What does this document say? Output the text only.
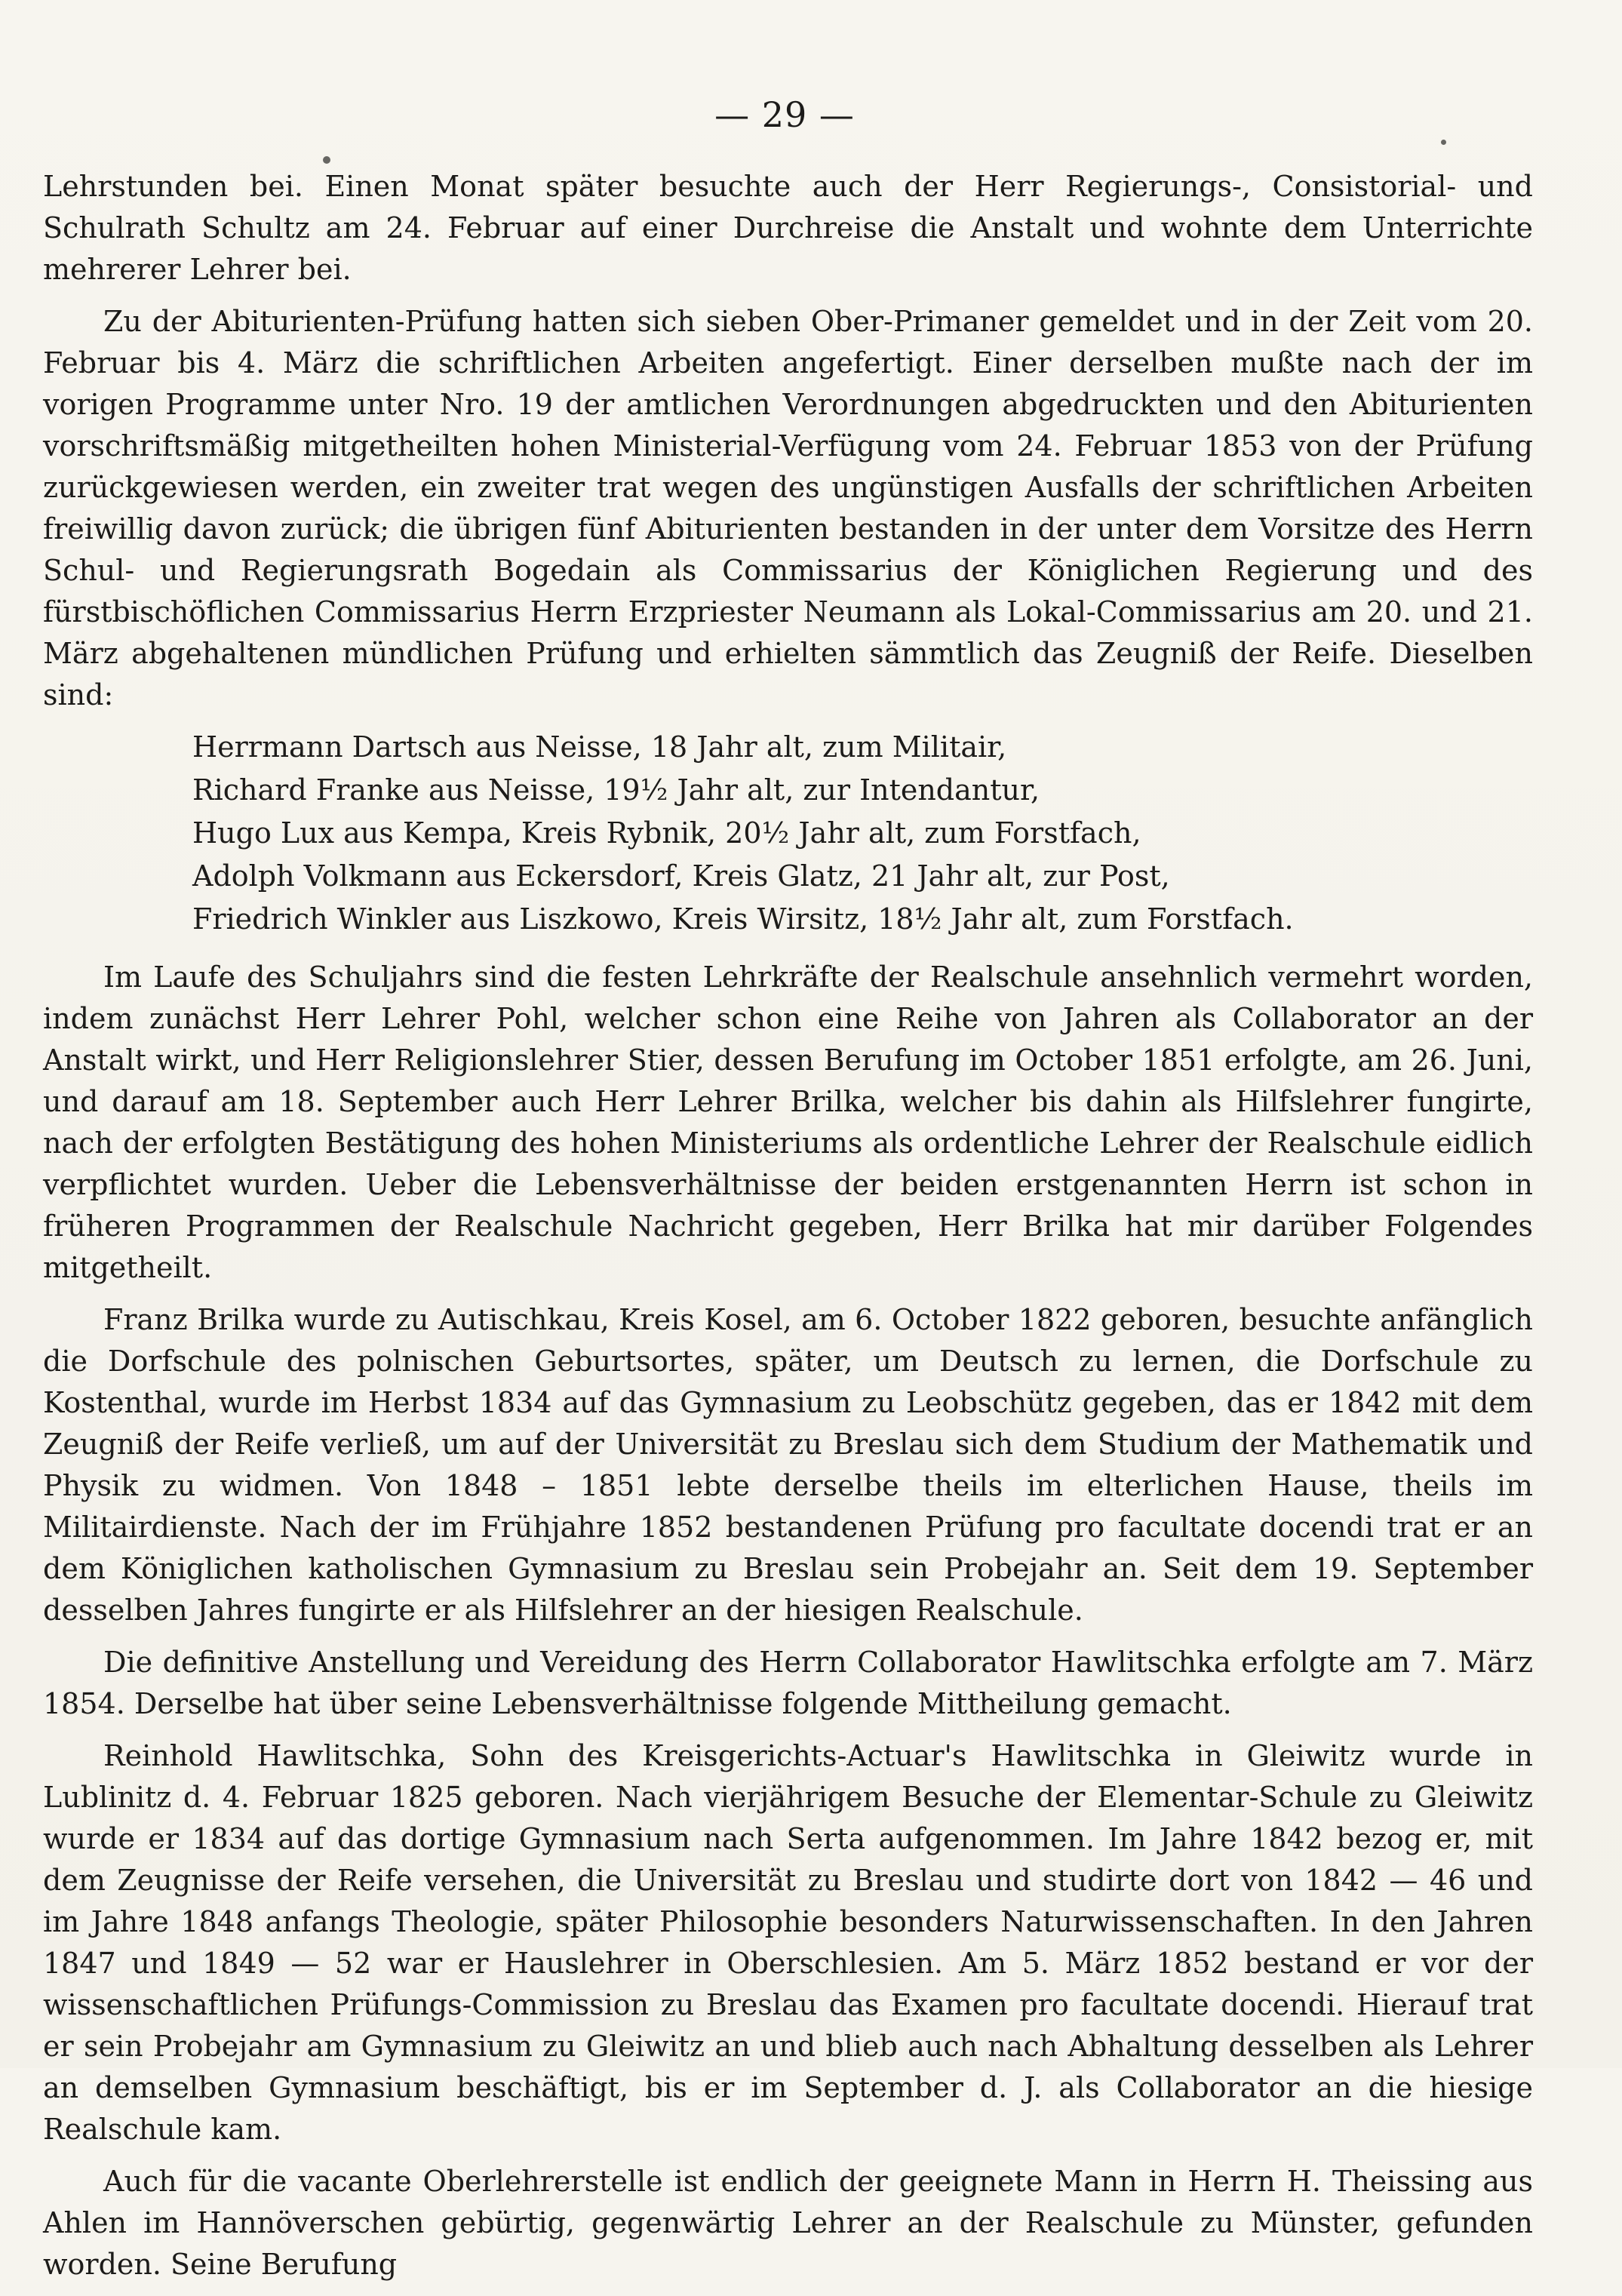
— 29 —

Lehrstunden bei. Einen Monat später besuchte auch der Herr Regierungs-, Consistorial- und Schulrath Schultz am 24. Februar auf einer Durchreise die Anstalt und wohnte dem Unterrichte mehrerer Lehrer bei.

Zu der Abiturienten-Prüfung hatten sich sieben Ober-Primaner gemeldet und in der Zeit vom 20. Februar bis 4. März die schriftlichen Arbeiten angefertigt. Einer derselben mußte nach der im vorigen Programme unter Nro. 19 der amtlichen Verordnungen abgedruckten und den Abiturienten vorschriftsmäßig mitgetheilten hohen Ministerial-Verfügung vom 24. Februar 1853 von der Prüfung zurückgewiesen werden, ein zweiter trat wegen des ungünstigen Ausfalls der schriftlichen Arbeiten freiwillig davon zurück; die übrigen fünf Abiturienten bestanden in der unter dem Vorsitze des Herrn Schul- und Regierungsrath Bogedain als Commissarius der Königlichen Regierung und des fürstbischöflichen Commissarius Herrn Erzpriester Neumann als Lokal-Commissarius am 20. und 21. März abgehaltenen mündlichen Prüfung und erhielten sämmtlich das Zeugniß der Reife. Dieselben sind:

Herrmann Dartsch aus Neisse, 18 Jahr alt, zum Militair,
Richard Franke aus Neisse, 19½ Jahr alt, zur Intendantur,
Hugo Lux aus Kempa, Kreis Rybnik, 20½ Jahr alt, zum Forstfach,
Adolph Volkmann aus Eckersdorf, Kreis Glatz, 21 Jahr alt, zur Post,
Friedrich Winkler aus Liszkowo, Kreis Wirsitz, 18½ Jahr alt, zum Forstfach.

Im Laufe des Schuljahrs sind die festen Lehrkräfte der Realschule ansehnlich vermehrt worden, indem zunächst Herr Lehrer Pohl, welcher schon eine Reihe von Jahren als Collaborator an der Anstalt wirkt, und Herr Religionslehrer Stier, dessen Berufung im October 1851 erfolgte, am 26. Juni, und darauf am 18. September auch Herr Lehrer Brilka, welcher bis dahin als Hilfslehrer fungirte, nach der erfolgten Bestätigung des hohen Ministeriums als ordentliche Lehrer der Realschule eidlich verpflichtet wurden. Ueber die Lebensverhältnisse der beiden erstgenannten Herrn ist schon in früheren Programmen der Realschule Nachricht gegeben, Herr Brilka hat mir darüber Folgendes mitgetheilt.

Franz Brilka wurde zu Autischkau, Kreis Kosel, am 6. October 1822 geboren, besuchte anfänglich die Dorfschule des polnischen Geburtsortes, später, um Deutsch zu lernen, die Dorfschule zu Kostenthal, wurde im Herbst 1834 auf das Gymnasium zu Leobschütz gegeben, das er 1842 mit dem Zeugniß der Reife verließ, um auf der Universität zu Breslau sich dem Studium der Mathematik und Physik zu widmen. Von 1848 – 1851 lebte derselbe theils im elterlichen Hause, theils im Militairdienste. Nach der im Frühjahre 1852 bestandenen Prüfung pro facultate docendi trat er an dem Königlichen katholischen Gymnasium zu Breslau sein Probejahr an. Seit dem 19. September desselben Jahres fungirte er als Hilfslehrer an der hiesigen Realschule.

Die definitive Anstellung und Vereidung des Herrn Collaborator Hawlitschka erfolgte am 7. März 1854. Derselbe hat über seine Lebensverhältnisse folgende Mittheilung gemacht.

Reinhold Hawlitschka, Sohn des Kreisgerichts-Actuar's Hawlitschka in Gleiwitz wurde in Lublinitz d. 4. Februar 1825 geboren. Nach vierjährigem Besuche der Elementar-Schule zu Gleiwitz wurde er 1834 auf das dortige Gymnasium nach Serta aufgenommen. Im Jahre 1842 bezog er, mit dem Zeugnisse der Reife versehen, die Universität zu Breslau und studirte dort von 1842 — 46 und im Jahre 1848 anfangs Theologie, später Philosophie besonders Naturwissenschaften. In den Jahren 1847 und 1849 — 52 war er Hauslehrer in Oberschlesien. Am 5. März 1852 bestand er vor der wissenschaftlichen Prüfungs-Commission zu Breslau das Examen pro facultate docendi. Hierauf trat er sein Probejahr am Gymnasium zu Gleiwitz an und blieb auch nach Abhaltung desselben als Lehrer an demselben Gymnasium beschäftigt, bis er im September d. J. als Collaborator an die hiesige Realschule kam.

Auch für die vacante Oberlehrerstelle ist endlich der geeignete Mann in Herrn H. Theissing aus Ahlen im Hannöverschen gebürtig, gegenwärtig Lehrer an der Realschule zu Münster, gefunden worden. Seine Berufung
